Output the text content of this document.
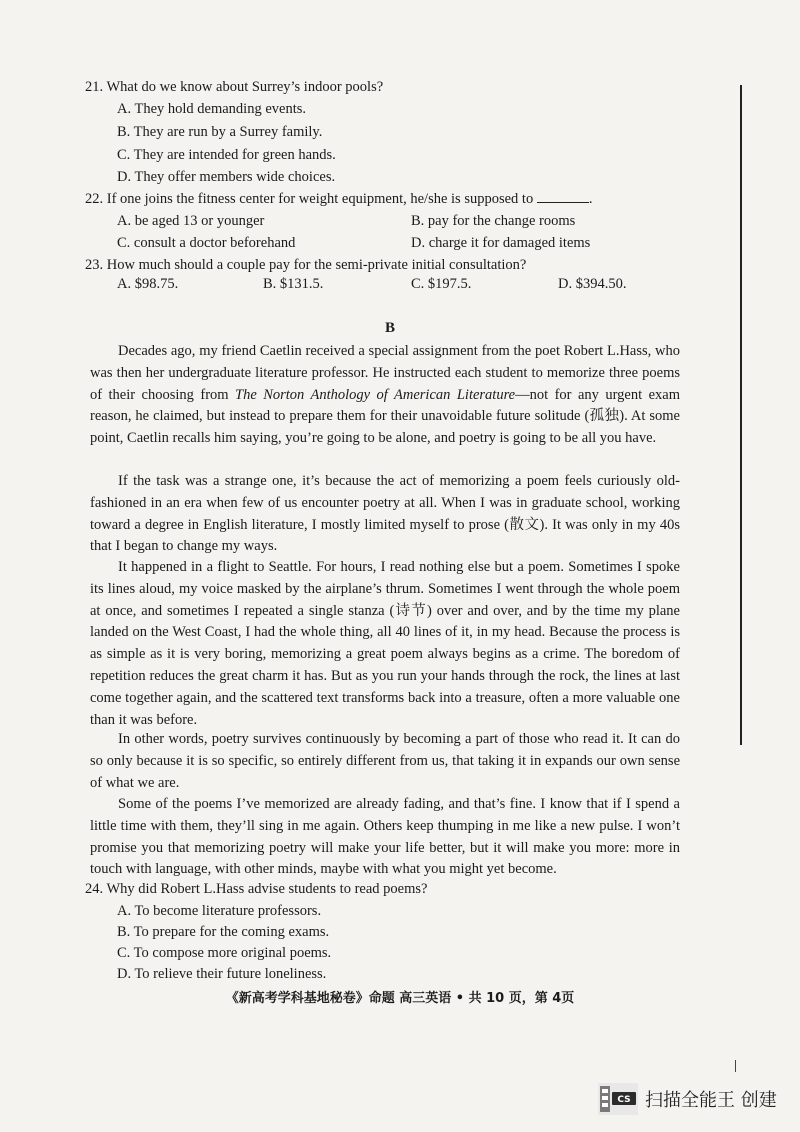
21. What do we know about Surrey’s indoor pools?
A. They hold demanding events.
B. They are run by a Surrey family.
C. They are intended for green hands.
D. They offer members wide choices.
22. If one joins the fitness center for weight equipment, he/she is supposed to	.
A. be aged 13 or younger	B. pay for the change rooms
C. consult a doctor beforehand	D. charge it for damaged items
23. How much should a couple pay for the semi-private initial consultation?
A. $98.75.	B. $131.5.	C. $197.5.	D. $394.50.
B

Decades ago, my friend Caetlin received a special assignment from the poet Robert L.Hass, who was then her undergraduate literature professor. He instructed each student to memorize three poems of their choosing from The Norton Anthology of American Literature—not for any urgent exam reason, he claimed, but instead to prepare them for their unavoidable future solitude (孤独). At some point, Caetlin recalls him saying, you’re going to be alone, and poetry is going to be all you have.

If the task was a strange one, it’s because the act of memorizing a poem feels curiously old-fashioned in an era when few of us encounter poetry at all. When I was in graduate school, working toward a degree in English literature, I mostly limited myself to prose (散文). It was only in my 40s that I began to change my ways.

It happened in a flight to Seattle. For hours, I read nothing else but a poem. Sometimes I spoke its lines aloud, my voice masked by the airplane’s thrum. Sometimes I went through the whole poem at once, and sometimes I repeated a single stanza (诗节) over and over, and by the time my plane landed on the West Coast, I had the whole thing, all 40 lines of it, in my head. Because the process is as simple as it is very boring, memorizing a great poem always begins as a crime. The boredom of repetition reduces the great charm it has. But as you run your hands through the rock, the lines at last come together again, and the scattered text transforms back into a treasure, often a more valuable one than it was before.

In other words, poetry survives continuously by becoming a part of those who read it. It can do so only because it is so specific, so entirely different from us, that taking it in expands our own sense of what we are.

Some of the poems I’ve memorized are already fading, and that’s fine. I know that if I spend a little time with them, they’ll sing in me again. Others keep thumping in me like a new pulse. I won’t promise you that memorizing poetry will make your life better, but it will make you more: more in touch with language, with other minds, maybe with what you might yet become.

24. Why did Robert L.Hass advise students to read poems?
A. To become literature professors.
B. To prepare for the coming exams.
C. To compose more original poems.
D. To relieve their future loneliness.
《新高考学科基地秘卷》命题 高三英语 • 共 10 页，第 4页
CS 扫描全能王 创建
